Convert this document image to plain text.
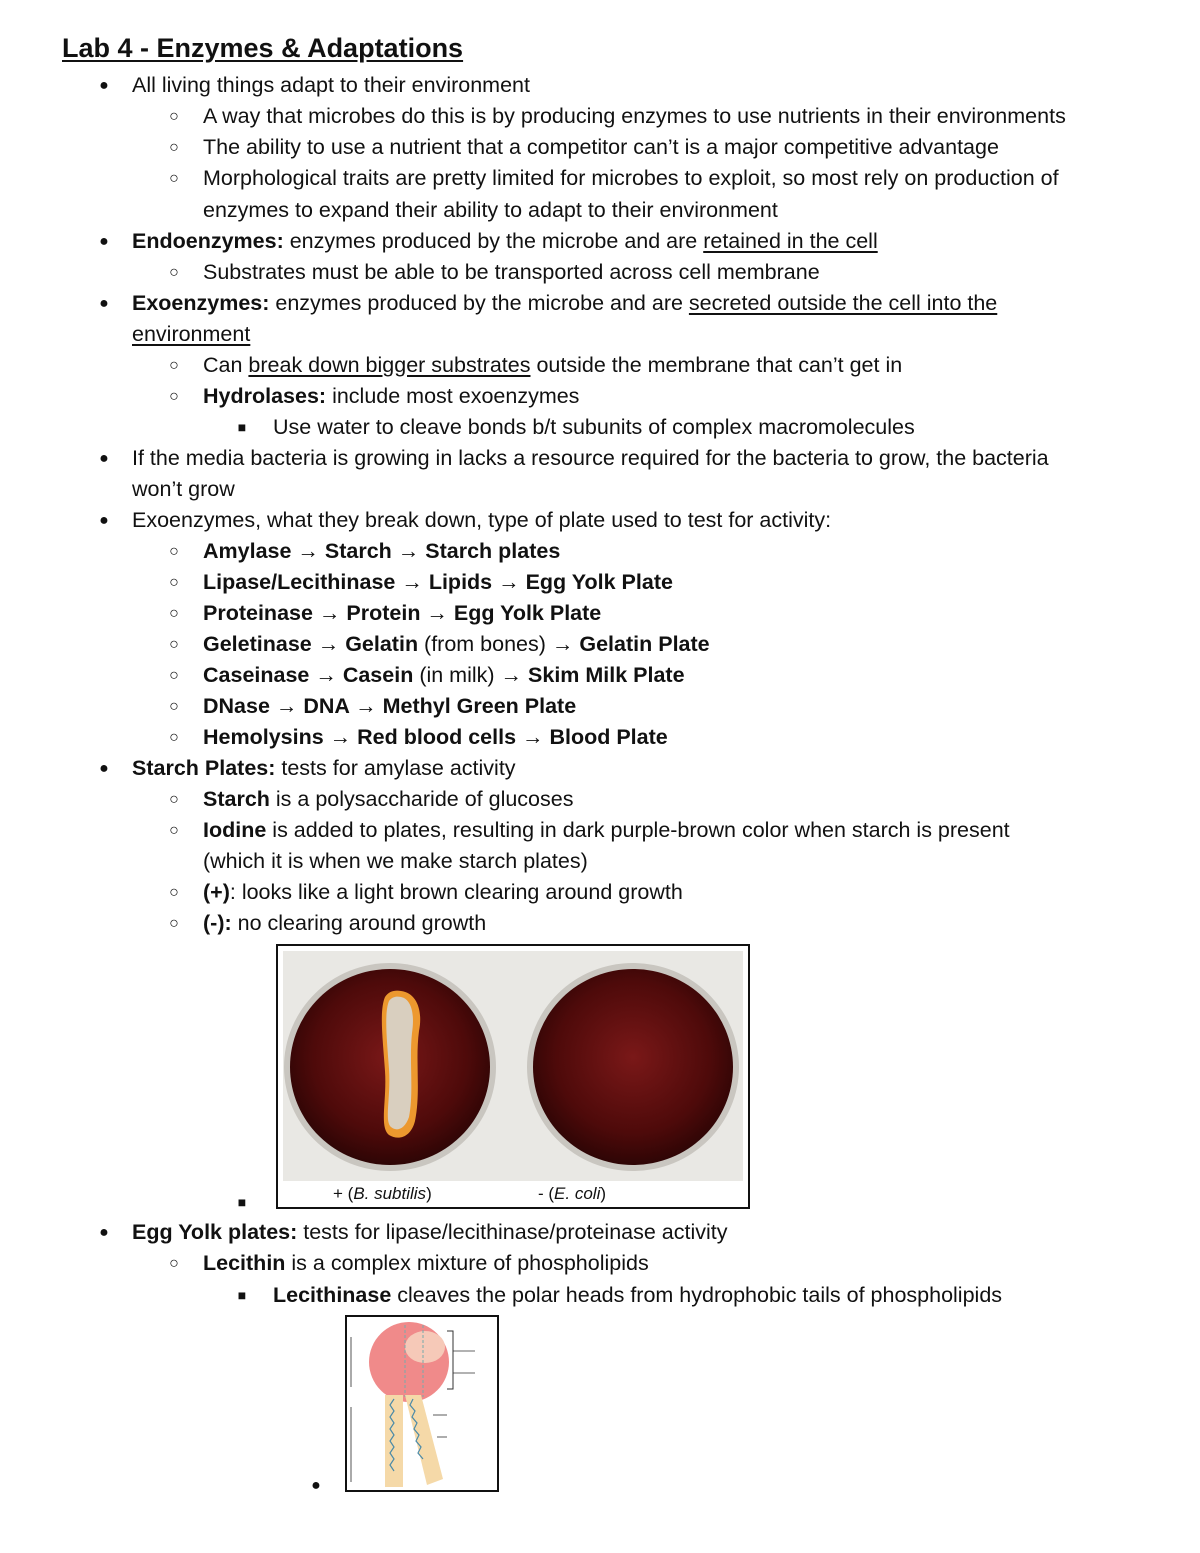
Lab 4 - Enzymes & Adaptations
● All living things adapt to their environment
○ A way that microbes do this is by producing enzymes to use nutrients in their environments
○ The ability to use a nutrient that a competitor can’t is a major competitive advantage
○ Morphological traits are pretty limited for microbes to exploit, so most rely on production of
enzymes to expand their ability to adapt to their environment
● Endoenzymes: enzymes produced by the microbe and are retained in the cell
○ Substrates must be able to be transported across cell membrane
● Exoenzymes: enzymes produced by the microbe and are secreted outside the cell into the
environment
○ Can break down bigger substrates outside the membrane that can’t get in
○ Hydrolases: include most exoenzymes
■ Use water to cleave bonds b/t subunits of complex macromolecules
● If the media bacteria is growing in lacks a resource required for the bacteria to grow, the bacteria
won’t grow
● Exoenzymes, what they break down, type of plate used to test for activity:
○ Amylase → Starch → Starch plates
○ Lipase/Lecithinase → Lipids → Egg Yolk Plate
○ Proteinase → Protein → Egg Yolk Plate
○ Geletinase → Gelatin (from bones) → Gelatin Plate
○ Caseinase → Casein (in milk) → Skim Milk Plate
○ DNase → DNA → Methyl Green Plate
○ Hemolysins → Red blood cells → Blood Plate
● Starch Plates: tests for amylase activity
○ Starch is a polysaccharide of glucoses
○ Iodine is added to plates, resulting in dark purple-brown color when starch is present
(which it is when we make starch plates)
○ (+): looks like a light brown clearing around growth
○ (-): no clearing around growth
■	+ (B. subtilis)	- (E. coli)
● Egg Yolk plates: tests for lipase/lecithinase/proteinase activity
○ Lecithin is a complex mixture of phospholipids
■ Lecithinase cleaves the polar heads from hydrophobic tails of phospholipids
●
